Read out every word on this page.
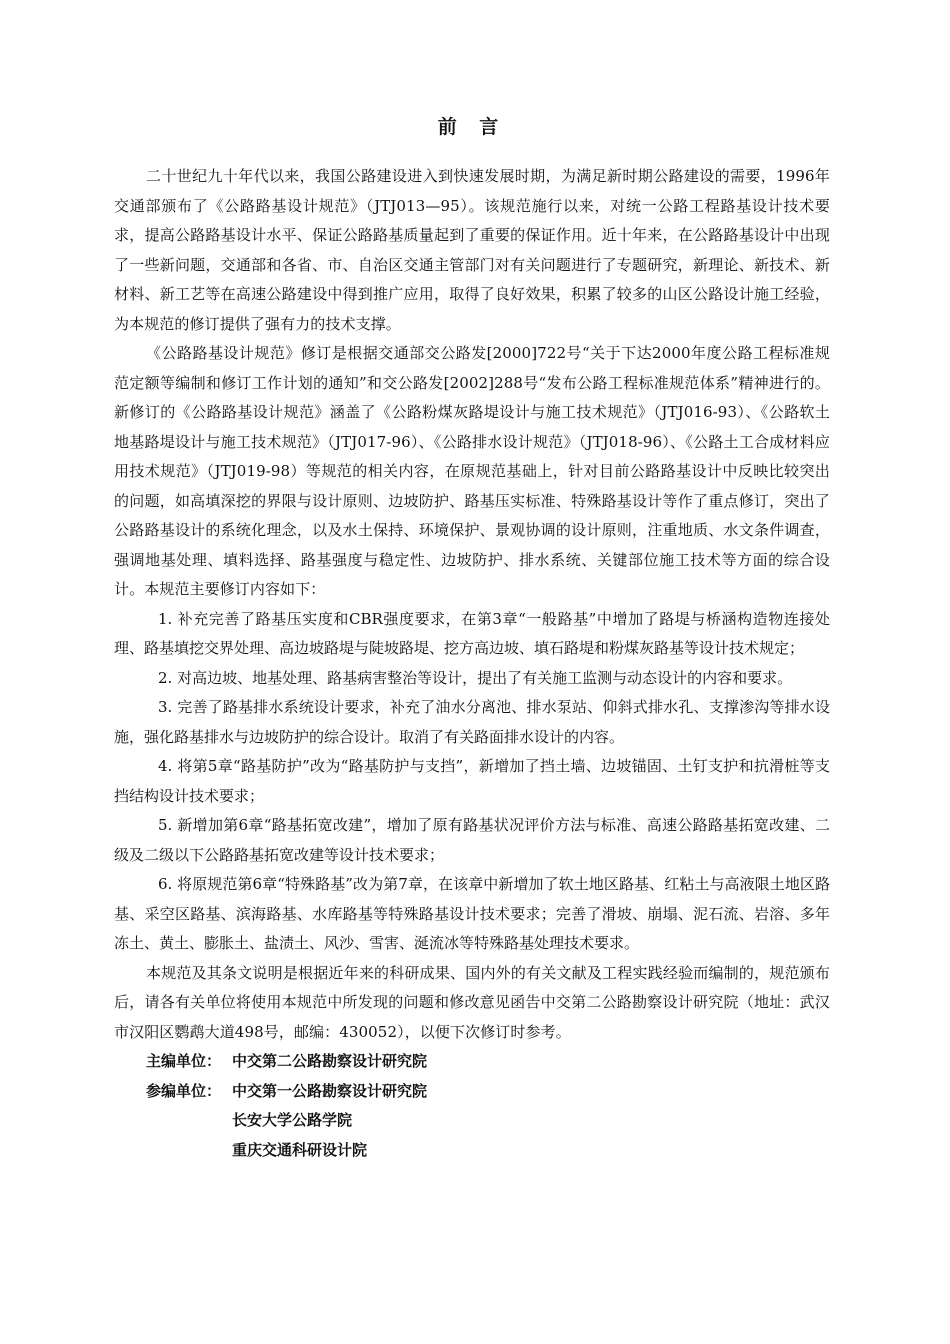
前 言

二十世纪九十年代以来，我国公路建设进入到快速发展时期，为满足新时期公路建设的需要，1996年交通部颁布了《公路路基设计规范》（JTJ013—95）。该规范施行以来，对统一公路工程路基设计技术要求，提高公路路基设计水平、保证公路路基质量起到了重要的保证作用。近十年来，在公路路基设计中出现了一些新问题，交通部和各省、市、自治区交通主管部门对有关问题进行了专题研究，新理论、新技术、新材料、新工艺等在高速公路建设中得到推广应用，取得了良好效果，积累了较多的山区公路设计施工经验，为本规范的修订提供了强有力的技术支撑。

《公路路基设计规范》修订是根据交通部交公路发[2000]722号“关于下达2000年度公路工程标准规范定额等编制和修订工作计划的通知”和交公路发[2002]288号“发布公路工程标准规范体系”精神进行的。新修订的《公路路基设计规范》涵盖了《公路粉煤灰路堤设计与施工技术规范》（JTJ016-93）、《公路软土地基路堤设计与施工技术规范》（JTJ017-96）、《公路排水设计规范》（JTJ018-96）、《公路土工合成材料应用技术规范》（JTJ019-98）等规范的相关内容，在原规范基础上，针对目前公路路基设计中反映比较突出的问题，如高填深挖的界限与设计原则、边坡防护、路基压实标准、特殊路基设计等作了重点修订，突出了公路路基设计的系统化理念，以及水土保持、环境保护、景观协调的设计原则，注重地质、水文条件调查，强调地基处理、填料选择、路基强度与稳定性、边坡防护、排水系统、关键部位施工技术等方面的综合设计。本规范主要修订内容如下：

1. 补充完善了路基压实度和CBR强度要求，在第3章“一般路基”中增加了路堤与桥涵构造物连接处理、路基填挖交界处理、高边坡路堤与陡坡路堤、挖方高边坡、填石路堤和粉煤灰路基等设计技术规定；

2. 对高边坡、地基处理、路基病害整治等设计，提出了有关施工监测与动态设计的内容和要求。

3. 完善了路基排水系统设计要求，补充了油水分离池、排水泵站、仰斜式排水孔、支撑渗沟等排水设施，强化路基排水与边坡防护的综合设计。取消了有关路面排水设计的内容。

4. 将第5章“路基防护”改为“路基防护与支挡”，新增加了挡土墙、边坡锚固、土钉支护和抗滑桩等支挡结构设计技术要求；

5. 新增加第6章“路基拓宽改建”，增加了原有路基状况评价方法与标准、高速公路路基拓宽改建、二级及二级以下公路路基拓宽改建等设计技术要求；

6. 将原规范第6章“特殊路基”改为第7章，在该章中新增加了软土地区路基、红粘土与高液限土地区路基、采空区路基、滨海路基、水库路基等特殊路基设计技术要求；完善了滑坡、崩塌、泥石流、岩溶、多年冻土、黄土、膨胀土、盐渍土、风沙、雪害、涎流冰等特殊路基处理技术要求。

本规范及其条文说明是根据近年来的科研成果、国内外的有关文献及工程实践经验而编制的，规范颁布后，请各有关单位将使用本规范中所发现的问题和修改意见函告中交第二公路勘察设计研究院（地址：武汉市汉阳区鹦鹉大道498号，邮编：430052），以便下次修订时参考。

主编单位： 中交第二公路勘察设计研究院
参编单位： 中交第一公路勘察设计研究院
长安大学公路学院
重庆交通科研设计院
